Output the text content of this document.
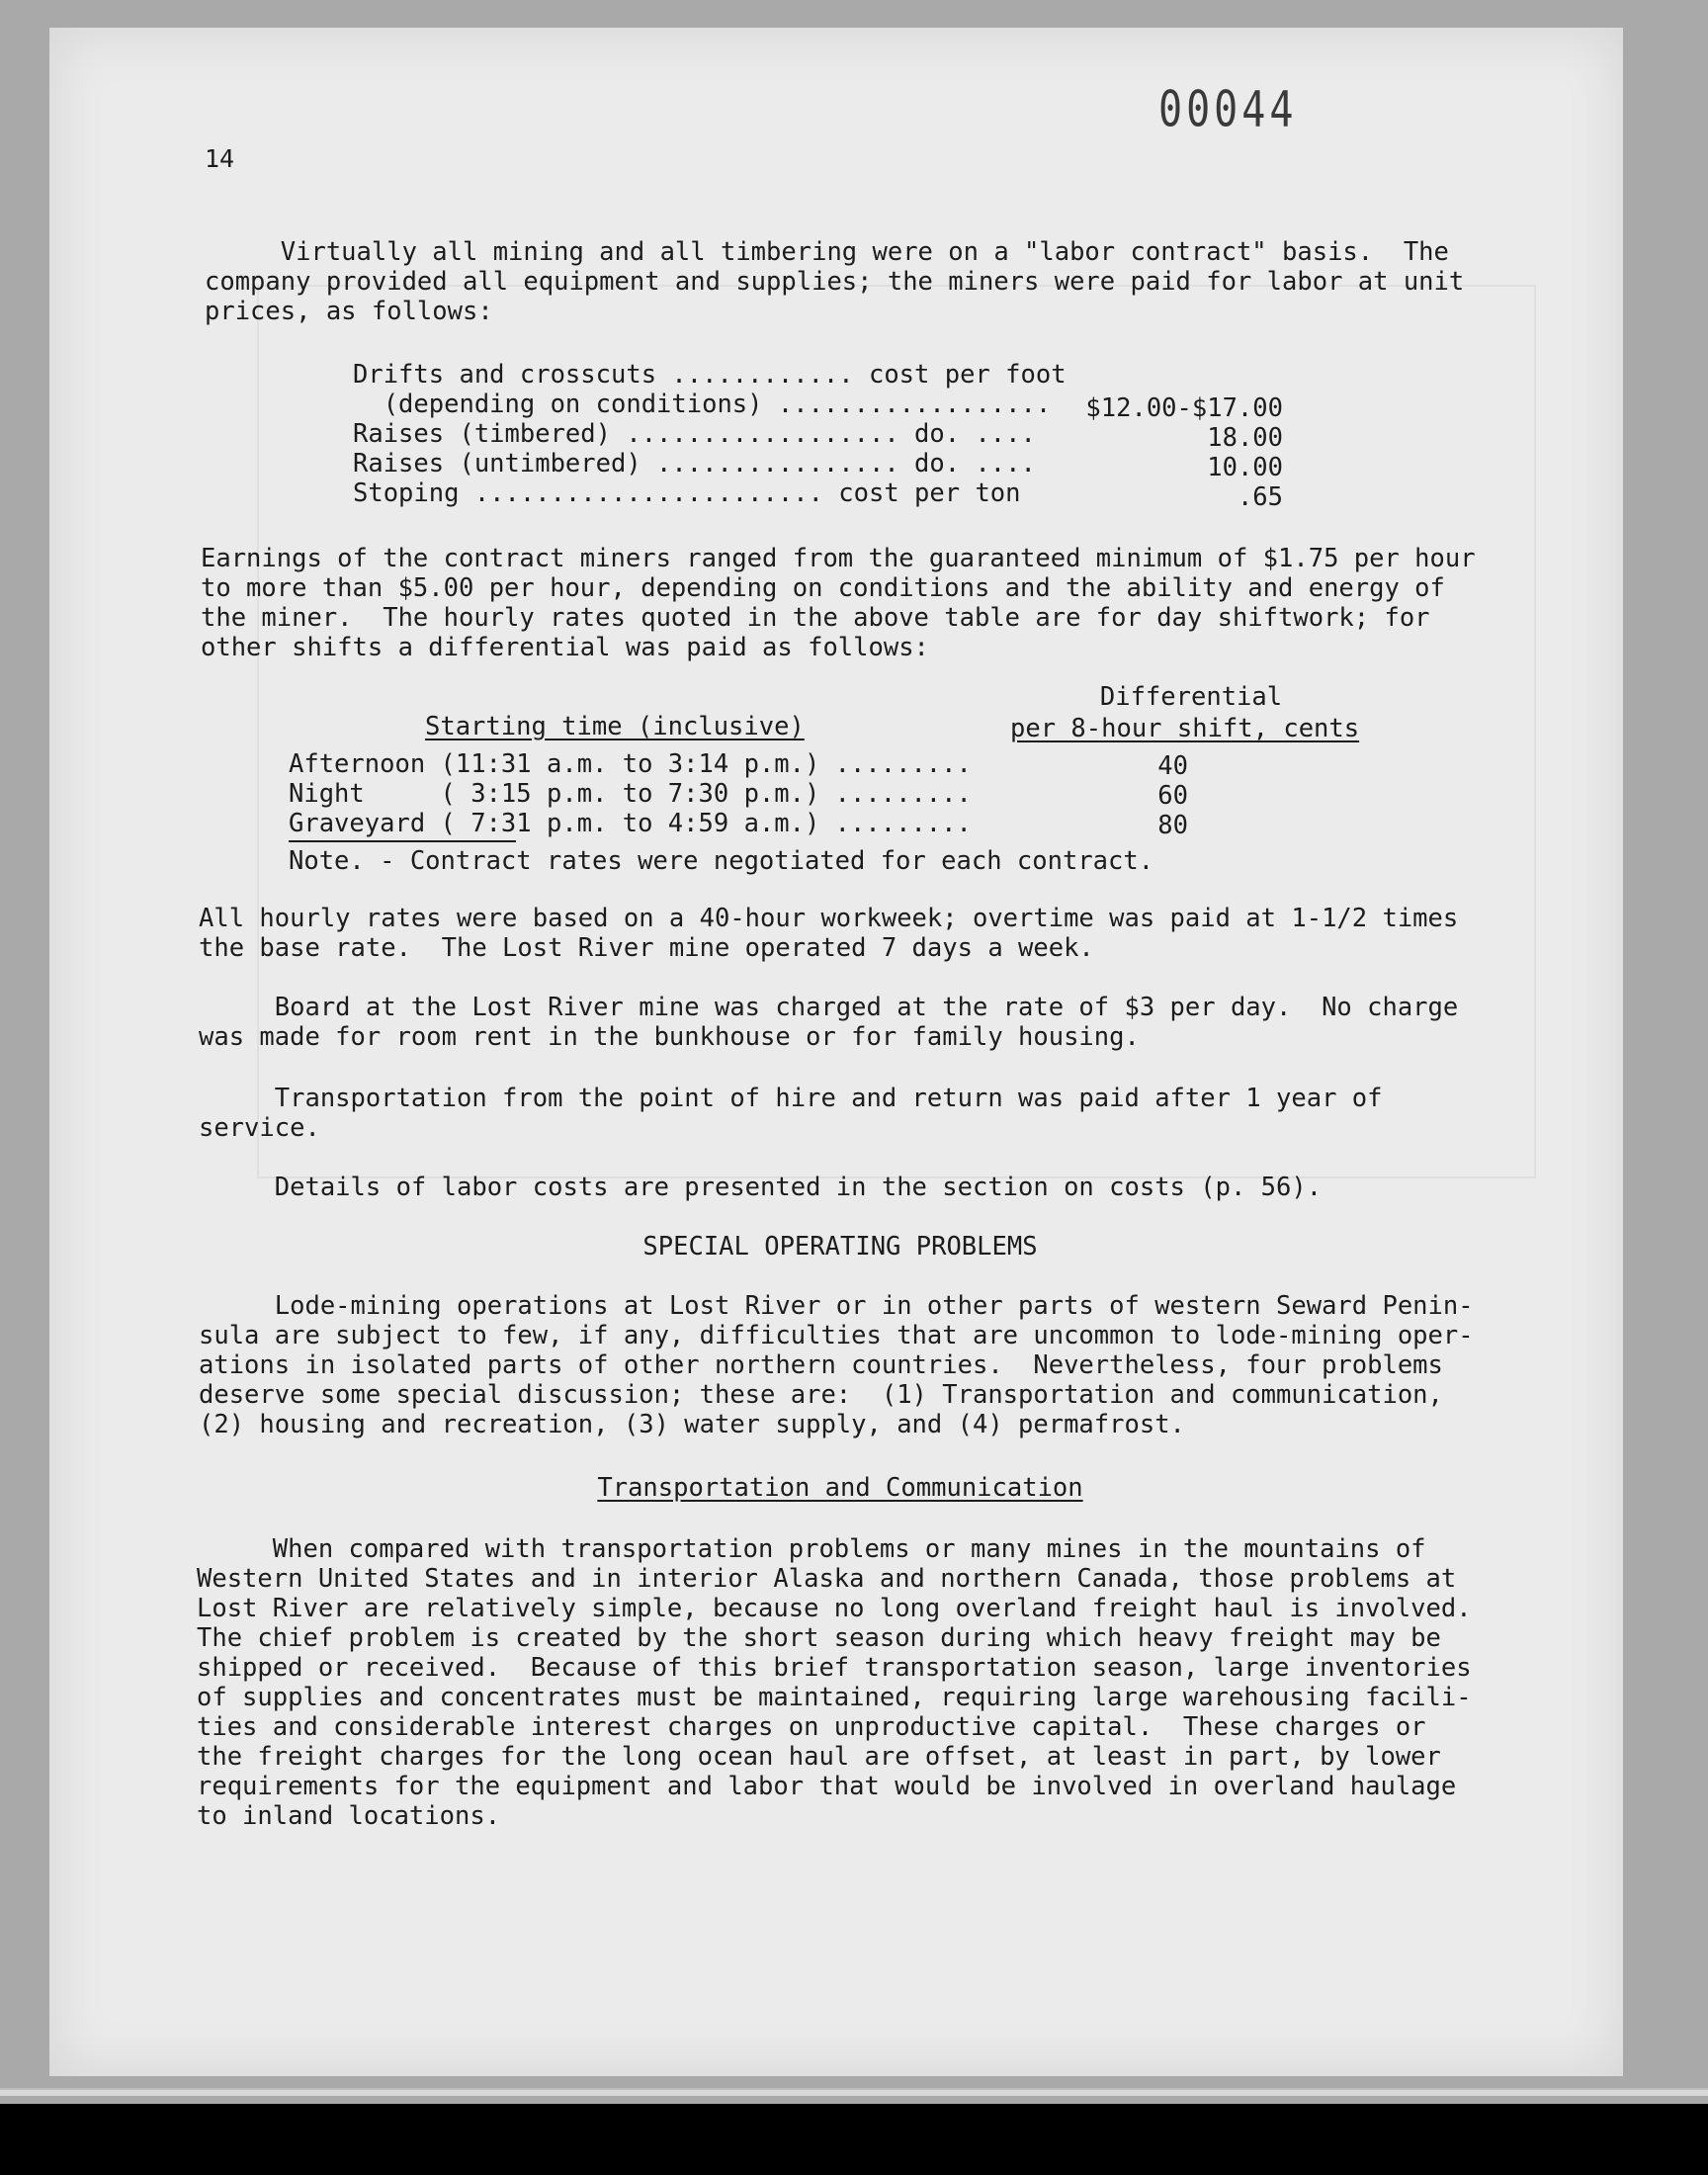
00044
14
Virtually all mining and all timbering were on a "labor contract" basis.  The
company provided all equipment and supplies; the miners were paid for labor at unit
prices, as follows:
Drifts and crosscuts ............ cost per foot
(depending on conditions) ..................	$12.00-$17.00
Raises (timbered) .................. do. ....	18.00
Raises (untimbered) ................ do. ....	10.00
Stoping ....................... cost per ton	.65
Earnings of the contract miners ranged from the guaranteed minimum of $1.75 per hour
to more than $5.00 per hour, depending on conditions and the ability and energy of
the miner.  The hourly rates quoted in the above table are for day shiftwork; for
other shifts a differential was paid as follows:
Differential
Starting time (inclusive)	per 8-hour shift, cents
Afternoon (11:31 a.m. to 3:14 p.m.) .........	40
Night     ( 3:15 p.m. to 7:30 p.m.) .........	60
Graveyard ( 7:31 p.m. to 4:59 a.m.) .........	80
Note. - Contract rates were negotiated for each contract.
All hourly rates were based on a 40-hour workweek; overtime was paid at 1-1/2 times
the base rate.  The Lost River mine operated 7 days a week.
Board at the Lost River mine was charged at the rate of $3 per day.  No charge
was made for room rent in the bunkhouse or for family housing.
Transportation from the point of hire and return was paid after 1 year of
service.
Details of labor costs are presented in the section on costs (p. 56).
SPECIAL OPERATING PROBLEMS
Lode-mining operations at Lost River or in other parts of western Seward Penin-
sula are subject to few, if any, difficulties that are uncommon to lode-mining oper-
ations in isolated parts of other northern countries.  Nevertheless, four problems
deserve some special discussion; these are:  (1) Transportation and communication,
(2) housing and recreation, (3) water supply, and (4) permafrost.
Transportation and Communication
When compared with transportation problems or many mines in the mountains of
Western United States and in interior Alaska and northern Canada, those problems at
Lost River are relatively simple, because no long overland freight haul is involved.
The chief problem is created by the short season during which heavy freight may be
shipped or received.  Because of this brief transportation season, large inventories
of supplies and concentrates must be maintained, requiring large warehousing facili-
ties and considerable interest charges on unproductive capital.  These charges or
the freight charges for the long ocean haul are offset, at least in part, by lower
requirements for the equipment and labor that would be involved in overland haulage
to inland locations.
